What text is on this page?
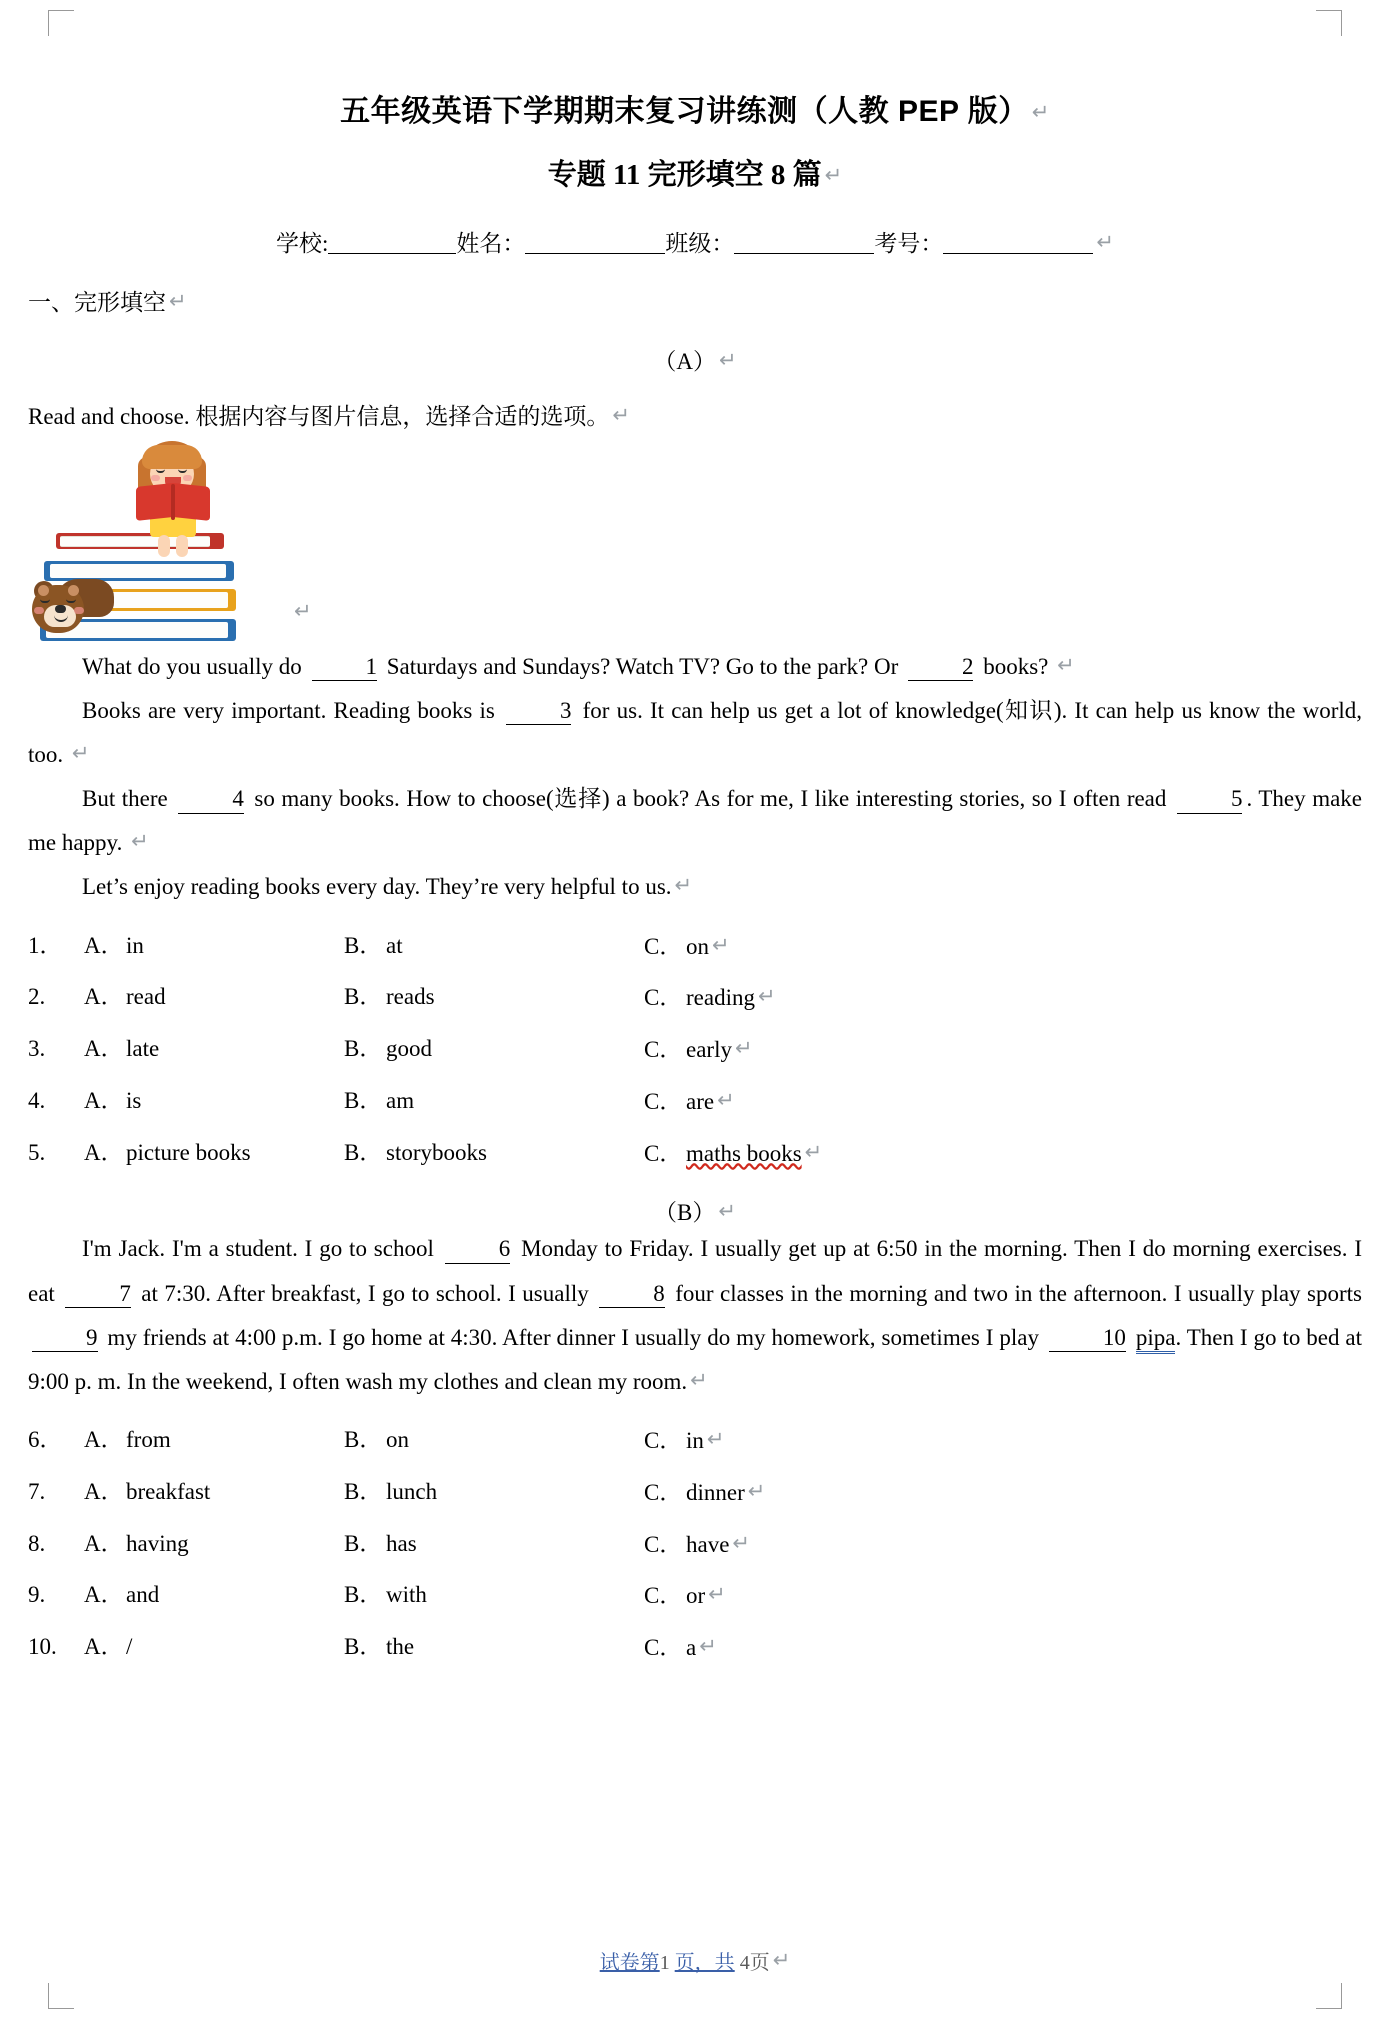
五年级英语下学期期末复习讲练测（人教 PEP 版） ↵
专题 11 完形填空 8 篇 ↵
学校:	姓名：	班级：	考号：	↵
一、完形填空 ↵
（A） ↵
Read and choose. 根据内容与图片信息，选择合适的选项。 ↵
↵

What do you usually do	1 Saturdays and Sundays? Watch TV? Go to the park? Or	2 books? ↵

Books are very important. Reading books is	3 for us. It can help us get a lot of knowledge(知识). It can help us know the world, too. ↵

But there	4 so many books. How to choose(选择) a book? As for me, I like interesting stories, so I often read	5 . They make me happy. ↵

Let’s enjoy reading books every day. They’re very helpful to us. ↵

1． A． in	B． at	C． on ↵
2.	A． read	B． reads	C． reading ↵
3.	A． late	B． good	C． early ↵
4.	A． is	B． am	C． are ↵
5.	A． picture books	B． storybooks	C． maths books ↵
（B） ↵

I'm Jack. I'm a student. I go to school	6 Monday to Friday. I usually get up at 6:50 in the morning. Then I do morning exercises. I eat	7 at 7:30. After breakfast, I go to school. I usually	8 four classes in the morning and two in the afternoon. I usually play sports 9 my friends at 4:00 p.m. I go home at 4:30. After dinner I usually do my homework, sometimes I play	10 pipa. Then I go to bed at 9:00 p. m. In the weekend, I often wash my clothes and clean my room. ↵

6． A． from	B． on	C． in ↵
7.	A． breakfast	B． lunch	C． dinner ↵
8.	A． having	B． has	C． have ↵
9.	A． and	B． with	C． or ↵
10.	A． /	B． the	C． a ↵
试卷第1 页，共 4页 ↵
